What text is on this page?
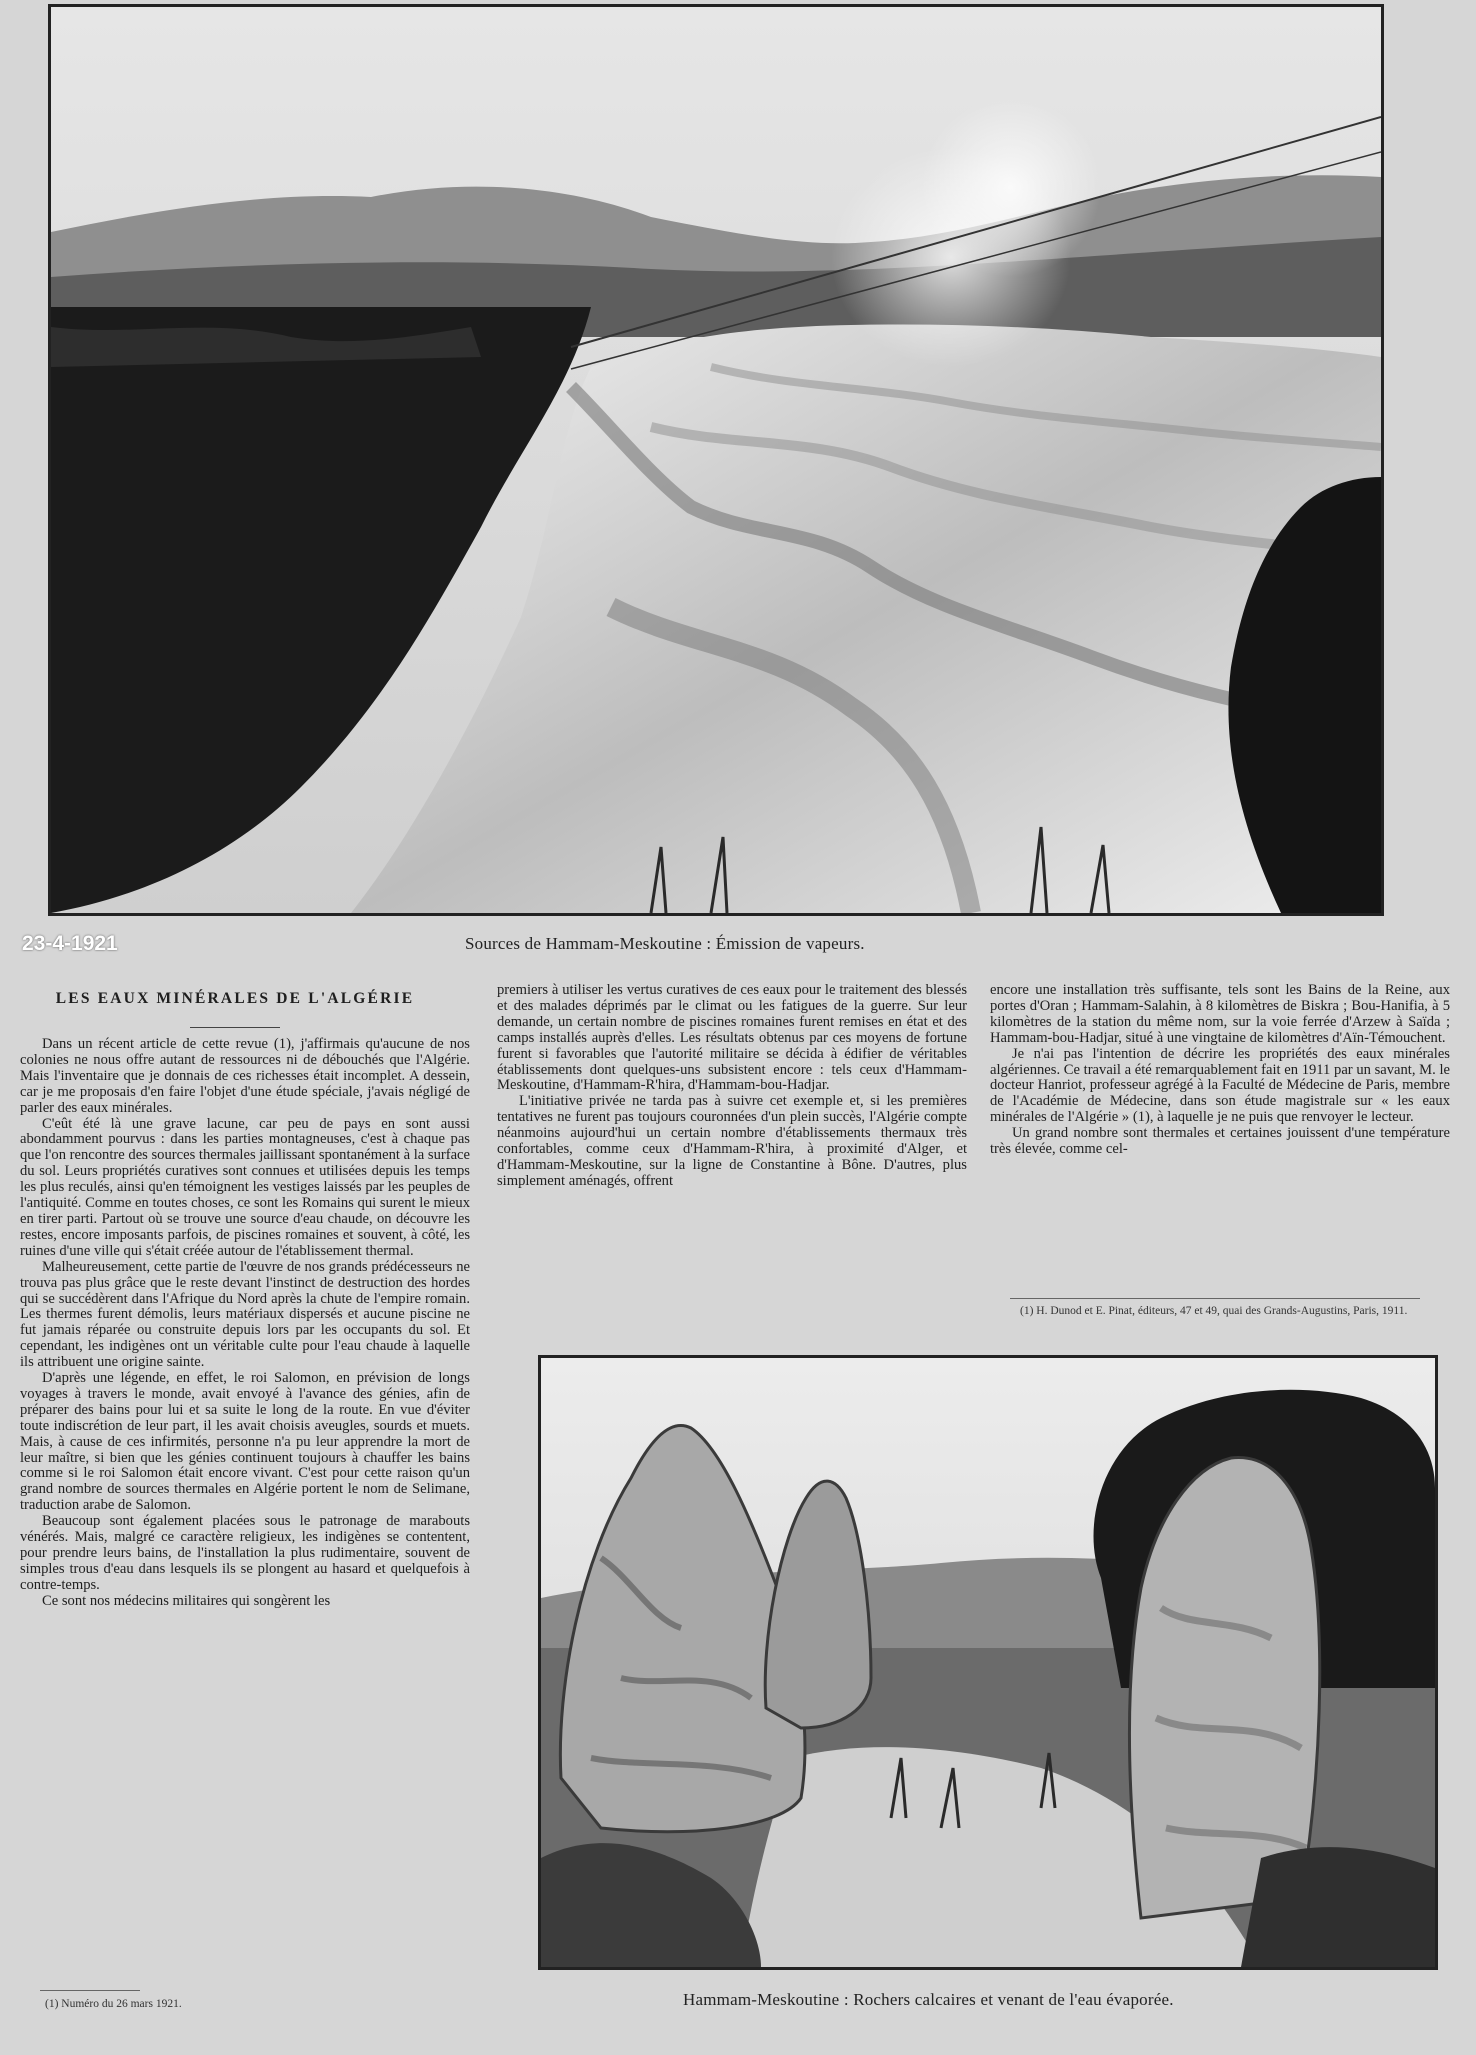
23-4-1921	Sources de Hammam-Meskoutine : Émission de vapeurs.
LES EAUX MINÉRALES DE L'ALGÉRIE

Dans un récent article de cette revue (1), j'affirmais qu'aucune de nos colonies ne nous offre autant de ressources ni de débouchés que l'Algérie. Mais l'inventaire que je donnais de ces richesses était incomplet. A dessein, car je me proposais d'en faire l'objet d'une étude spéciale, j'avais négligé de parler des eaux minérales.

C'eût été là une grave lacune, car peu de pays en sont aussi abondamment pourvus : dans les parties montagneuses, c'est à chaque pas que l'on rencontre des sources thermales jaillissant spontanément à la surface du sol. Leurs propriétés curatives sont connues et utilisées depuis les temps les plus reculés, ainsi qu'en témoignent les vestiges laissés par les peuples de l'antiquité. Comme en toutes choses, ce sont les Romains qui surent le mieux en tirer parti. Partout où se trouve une source d'eau chaude, on découvre les restes, encore imposants parfois, de piscines romaines et souvent, à côté, les ruines d'une ville qui s'était créée autour de l'établissement thermal.

Malheureusement, cette partie de l'œuvre de nos grands prédécesseurs ne trouva pas plus grâce que le reste devant l'instinct de destruction des hordes qui se succédèrent dans l'Afrique du Nord après la chute de l'empire romain. Les thermes furent démolis, leurs matériaux dispersés et aucune piscine ne fut jamais réparée ou construite depuis lors par les occupants du sol. Et cependant, les indigènes ont un véritable culte pour l'eau chaude à laquelle ils attribuent une origine sainte.

D'après une légende, en effet, le roi Salomon, en prévision de longs voyages à travers le monde, avait envoyé à l'avance des génies, afin de préparer des bains pour lui et sa suite le long de la route. En vue d'éviter toute indiscrétion de leur part, il les avait choisis aveugles, sourds et muets. Mais, à cause de ces infirmités, personne n'a pu leur apprendre la mort de leur maître, si bien que les génies continuent toujours à chauffer les bains comme si le roi Salomon était encore vivant. C'est pour cette raison qu'un grand nombre de sources thermales en Algérie portent le nom de Selimane, traduction arabe de Salomon.

Beaucoup sont également placées sous le patronage de marabouts vénérés. Mais, malgré ce caractère religieux, les indigènes se contentent, pour prendre leurs bains, de l'installation la plus rudimentaire, souvent de simples trous d'eau dans lesquels ils se plongent au hasard et quelquefois à contre-temps.

Ce sont nos médecins militaires qui songèrent les

premiers à utiliser les vertus curatives de ces eaux pour le traitement des blessés et des malades déprimés par le climat ou les fatigues de la guerre. Sur leur demande, un certain nombre de piscines romaines furent remises en état et des camps installés auprès d'elles. Les résultats obtenus par ces moyens de fortune furent si favorables que l'autorité militaire se décida à édifier de véritables établissements dont quelques-uns subsistent encore : tels ceux d'Hammam-Meskoutine, d'Hammam-R'hira, d'Hammam-bou-Hadjar.

L'initiative privée ne tarda pas à suivre cet exemple et, si les premières tentatives ne furent pas toujours couronnées d'un plein succès, l'Algérie compte néanmoins aujourd'hui un certain nombre d'établissements thermaux très confortables, comme ceux d'Hammam-R'hira, à proximité d'Alger, et d'Hammam-Meskoutine, sur la ligne de Constantine à Bône. D'autres, plus simplement aménagés, offrent

encore une installation très suffisante, tels sont les Bains de la Reine, aux portes d'Oran ; Hammam-Salahin, à 8 kilomètres de Biskra ; Bou-Hanifia, à 5 kilomètres de la station du même nom, sur la voie ferrée d'Arzew à Saïda ; Hammam-bou-Hadjar, situé à une vingtaine de kilomètres d'Aïn-Témouchent.

Je n'ai pas l'intention de décrire les propriétés des eaux minérales algériennes. Ce travail a été remarquablement fait en 1911 par un savant, M. le docteur Hanriot, professeur agrégé à la Faculté de Médecine de Paris, membre de l'Académie de Médecine, dans son étude magistrale sur « les eaux minérales de l'Algérie » (1), à laquelle je ne puis que renvoyer le lecteur.

Un grand nombre sont thermales et certaines jouissent d'une température très élevée, comme cel-

(1) H. Dunod et E. Pinat, éditeurs, 47 et 49, quai des Grands-Augustins, Paris, 1911.
Hammam-Meskoutine : Rochers calcaires et venant de l'eau évaporée.
(1) Numéro du 26 mars 1921.
